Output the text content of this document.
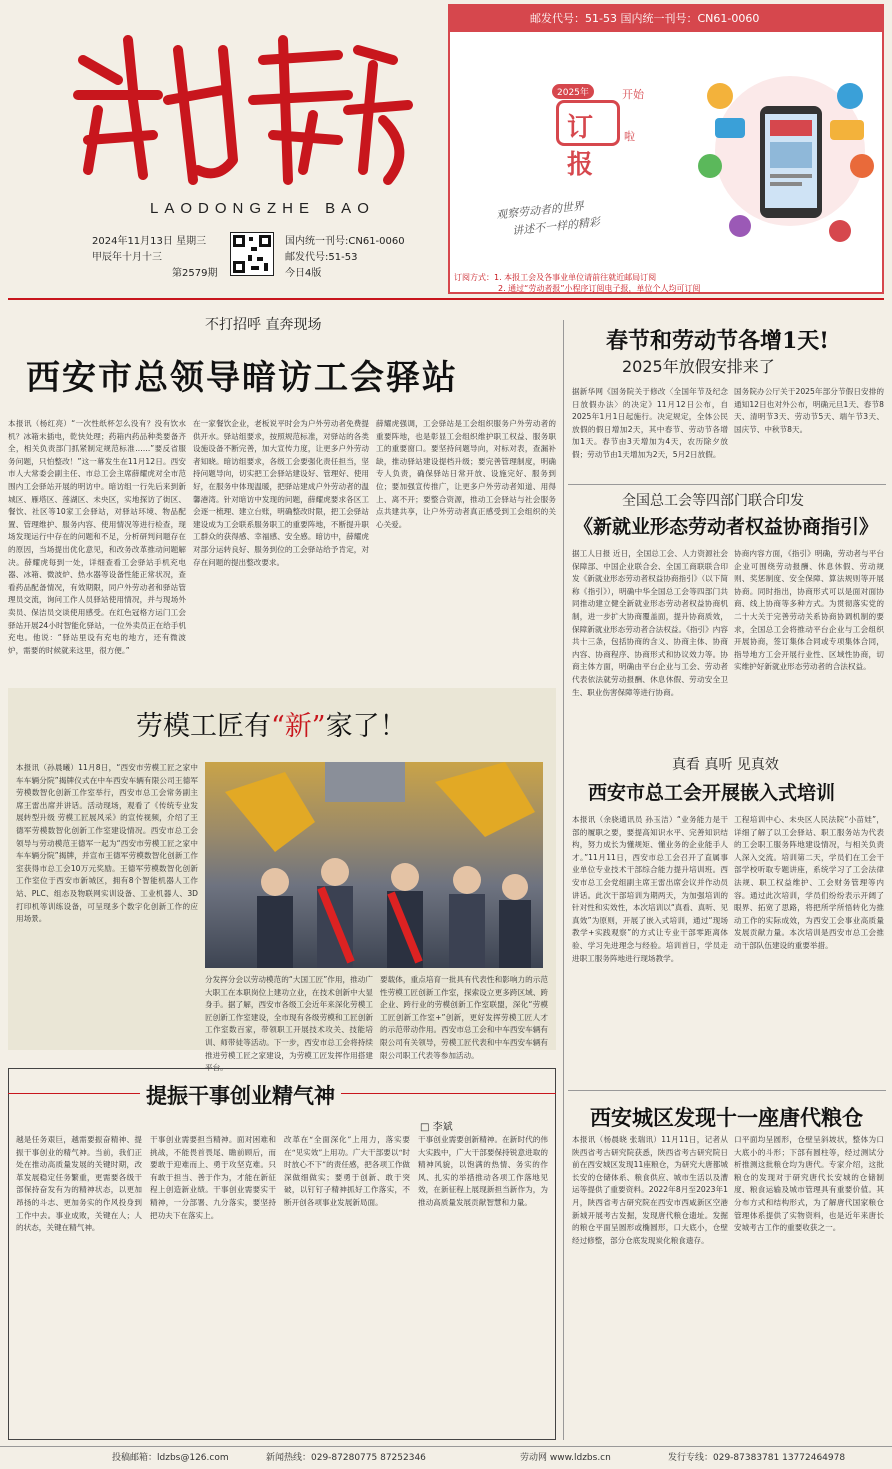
LAODONGZHE BAO
2024年11月13日 星期三
甲辰年十月十三
第2579期
国内统一刊号:CN61-0060
邮发代号:51-53
今日4版
邮发代号：51-53 国内统一刊号：CN61-0060
2025年
订报
开始
啦
观察劳动者的世界
讲述不一样的精彩
订阅方式：1. 本报工会及各事业单位请前往就近邮局订阅
2. 通过“劳动者报”小程序订阅电子报，单位个人均可订阅
不打招呼 直奔现场
西安市总领导暗访工会驿站
本报讯（杨红亮）“一次性纸杯怎么没有？没有饮水机？冰箱未插电，乾快处理；药箱内药品种类要备齐全，相关负责部门抓紧制定规范标准……”要反省服务问题，只怕整改！”这一幕发生在11月12日。西安市人大常委会副主任、市总工会主席薛耀虎对全市范围内工会驿站开展的明访中。暗访组一行先后来到新城区、雁塔区、莲湖区、未央区，实地探访了街区、餐饮、社区等10家工会驿站，对驿站环境、物品配置、管理维护、服务内容、使用情况等进行检查，现场发现运行中存在的问题和不足，分析研判问题存在的原因，当场提出优化意见，和改务改革推动问题解决。薛耀虎每到一处，详细查看工会驿站手机充电器、冰箱、微波炉、热水器等设备性能正常状况，查看药品配备情况，有效期限，同户外劳动者和驿站管理员交流，询问工作人员驿站使用情况，并与现场外卖员、保洁员交谈使用感受。在红色冠格方运门工会驿站开展24小时智能化驿站，一位外卖员正在给手机充电。他说：“驿站里设有充电的地方，还有微波炉，需要的时候就来这里，很方便。”
在一家餐饮企业，老板说平时会为户外劳动者免费提供开水。驿站组要求，按照规范标准，对驿站的各类设施设备不断完善，加大宣传力度，让更多户外劳动者知晓。暗访组要求，各级工会要强化责任担当，坚持问题导向，切实把工会驿站建设好、管理好、使用好，在服务中体现温暖，把驿站建成户外劳动者的温馨港湾。针对暗访中发现的问题，薛耀虎要求各区工会逐一梳理、建立台账，明确整改时限，把工会驿站建设成为工会联系服务职工的重要阵地，不断提升职工群众的获得感、幸福感、安全感。暗访中，薛耀虎对部分运转良好、服务到位的工会驿站给予肯定，对存在问题的提出整改要求。
薛耀虎强调，工会驿站是工会组织服务户外劳动者的重要阵地，也是彰显工会组织维护职工权益、服务职工的重要窗口。要坚持问题导向，对标对表，查漏补缺，推动驿站建设提档升级；要完善管理制度，明确专人负责，确保驿站日常开放、设施完好、服务到位；要加强宣传推广，让更多户外劳动者知道、用得上、离不开；要整合资源，推动工会驿站与社会服务点共建共享，让户外劳动者真正感受到工会组织的关心关爱。
春节和劳动节各增1天!
2025年放假安排来了
据新华网《国务院关于修改〈全国年节及纪念日放假办法〉的决定》11月12日公布，自2025年1月1日起施行。决定规定，全体公民放假的假日增加2天，其中春节、劳动节各增加1天。春节由3天增加为4天，农历除夕放假；劳动节由1天增加为2天，5月2日放假。
国务院办公厅关于2025年部分节假日安排的通知12日也对外公布，明确元旦1天、春节8天、清明节3天、劳动节5天、端午节3天、国庆节、中秋节8天。
全国总工会等四部门联合印发
《新就业形态劳动者权益协商指引》
据工人日报 近日，全国总工会、人力资源社会保障部、中国企业联合会、全国工商联联合印发《新就业形态劳动者权益协商指引》（以下简称《指引》），明确中华全国总工会等四部门共同推动建立健全新就业形态劳动者权益协商机制，进一步扩大协商覆盖面，提升协商质效，保障新就业形态劳动者合法权益。《指引》内容共十三条，包括协商的含义、协商主体、协商内容、协商程序、协商形式和协议效力等。协商主体方面，明确由平台企业与工会、劳动者代表依法就劳动报酬、休息休假、劳动安全卫生、职业伤害保障等进行协商。
协商内容方面，《指引》明确，劳动者与平台企业可围绕劳动报酬、休息休假、劳动规则、奖惩制度、安全保障、算法规则等开展协商。同时指出，协商形式可以是面对面协商、线上协商等多种方式。为贯彻落实党的二十大关于完善劳动关系协商协调机制的要求，全国总工会将推动平台企业与工会组织开展协商，签订集体合同或专项集体合同，指导地方工会开展行业性、区域性协商，切实维护好新就业形态劳动者的合法权益。
劳模工匠有“新”家了！
本报讯（孙晨曦）11月8日，“西安市劳模工匠之家中车车辆分院”揭牌仪式在中车西安车辆有限公司王德军劳模数智化创新工作室举行，西安市总工会常务副主席王雷出席并讲话。活动现场，观看了《传统专业发展转型升级 劳模工匠展风采》的宣传视频，介绍了王德军劳模数智化创新工作室建设情况。西安市总工会领导与劳动模范王德军一起为“西安市劳模工匠之家中车车辆分院”揭牌，并宣布王德军劳模数智化创新工作室获得市总工会10万元奖励。王德军劳模数智化创新工作室位于西安市新城区，拥有8个智能机器人工作站、PLC、组态及物联网实训设备、工业机器人、3D打印机等训练设备，可呈现多个数字化创新工作的应用场景。
分发挥分会以劳动模范的“大国工匠”作用，推动广大职工在本职岗位上建功立业，在技术创新中大显身手。据了解，西安市各级工会近年来深化劳模工匠创新工作室建设，全市现有各级劳模和工匠创新工作室数百家，带领职工开展技术攻关、技能培训、师带徒等活动。下一步，西安市总工会将持续推进劳模工匠之家建设，为劳模工匠发挥作用搭建平台。
要载体，重点培育一批具有代表性和影响力的示范性劳模工匠创新工作室，探索设立更多跨区域、跨企业、跨行业的劳模创新工作室联盟，深化“劳模工匠创新工作室+”创新，更好发挥劳模工匠人才的示范带动作用。西安市总工会和中车西安车辆有限公司有关领导，劳模工匠代表和中车西安车辆有限公司职工代表等参加活动。
真看 真听 见真效
西安市总工会开展嵌入式培训
本报讯（余骁通讯员 孙玉洁）“业务能力是干部的履职之要，要提高知识水平、完善知识结构，努力成长为懂规矩、懂业务的企业能手人才。”11月11日，西安市总工会召开了直属事业单位专业技术干部综合能力提升培训班。西安市总工会党组副主席王雷出席会议并作动员讲话。此次干部培训为期两天，为加强培训的针对性和实效性，本次培训以“真看、真听、见真效”为原则，开展了嵌入式培训，通过“现场教学+实践观察”的方式让专业干部零距离体验、学习先进理念与经验。培训首日，学员走进职工服务阵地进行现场教学。
工程培训中心、未央区人民法院“小苗娃”，详细了解了以工会驿站、职工服务站为代表的工会职工服务阵地建设情况，与相关负责人深入交流。培训第二天，学员们在工会干部学校听取专题讲座，系统学习了工会法律法规、职工权益维护、工会财务管理等内容。通过此次培训，学员们纷纷表示开阔了眼界、拓宽了思路，将把所学所悟转化为推动工作的实际成效，为西安工会事业高质量发展贡献力量。本次培训是西安市总工会推动干部队伍建设的重要举措。
西安城区发现十一座唐代粮仓
本报讯（杨晨晓 张瑞讯）11月11日，记者从陕西省考古研究院获悉，陕西省考古研究院日前在西安城区发现11座粮仓，为研究大唐都城长安的仓储体系、粮食供应、城市生活以及漕运等提供了重要资料。2022年8月至2023年1月，陕西省考古研究院在西安市西咸新区空港新城开展考古发掘，发现唐代粮仓遗址。发掘的粮仓平面呈圆形或椭圆形，口大底小，仓壁经过修整，部分仓底发现炭化粮食遗存。
口平面均呈圆形，仓壁呈斜坡状，整体为口大底小的斗形；下部有圆柱等，经过测试分析推测这批粮仓均为唐代。专家介绍，这批粮仓的发现对于研究唐代长安城的仓储制度、粮食运输及城市管理具有重要价值。其分布方式和结构形式，为了解唐代国家粮仓管理体系提供了实物资料，也是近年来唐长安城考古工作的重要收获之一。
提振干事创业精气神
□ 李斌
越是任务艰巨，越需要振奋精神、提振干事创业的精气神。当前，我们正处在推动高质量发展的关键时期，改革发展稳定任务繁重，更需要各级干部保持奋发有为的精神状态，以更加昂扬的斗志、更加务实的作风投身到工作中去。事业成败，关键在人；人的状态，关键在精气神。
干事创业需要担当精神。面对困难和挑战，不能畏首畏尾、瞻前顾后，而要敢于迎难而上、勇于攻坚克难。只有敢于担当、善于作为，才能在新征程上创造新业绩。干事创业需要实干精神，一分部署、九分落实，要坚持把功夫下在落实上。
改革在“全面深化”上用力，落实要在“见实效”上用功。广大干部要以“时时放心不下”的责任感，把各项工作做深做细做实；要勇于创新、敢于突破，以钉钉子精神抓好工作落实，不断开创各项事业发展新局面。
干事创业需要创新精神。在新时代的伟大实践中，广大干部要保持锐意进取的精神风貌，以饱满的热情、务实的作风、扎实的举措推动各项工作落地见效，在新征程上展现新担当新作为，为推动高质量发展贡献智慧和力量。
投稿邮箱：ldzbs@126.com	新闻热线：029-87280775 87252346	劳动网 www.ldzbs.cn	发行专线：029-87383781 13772464978
